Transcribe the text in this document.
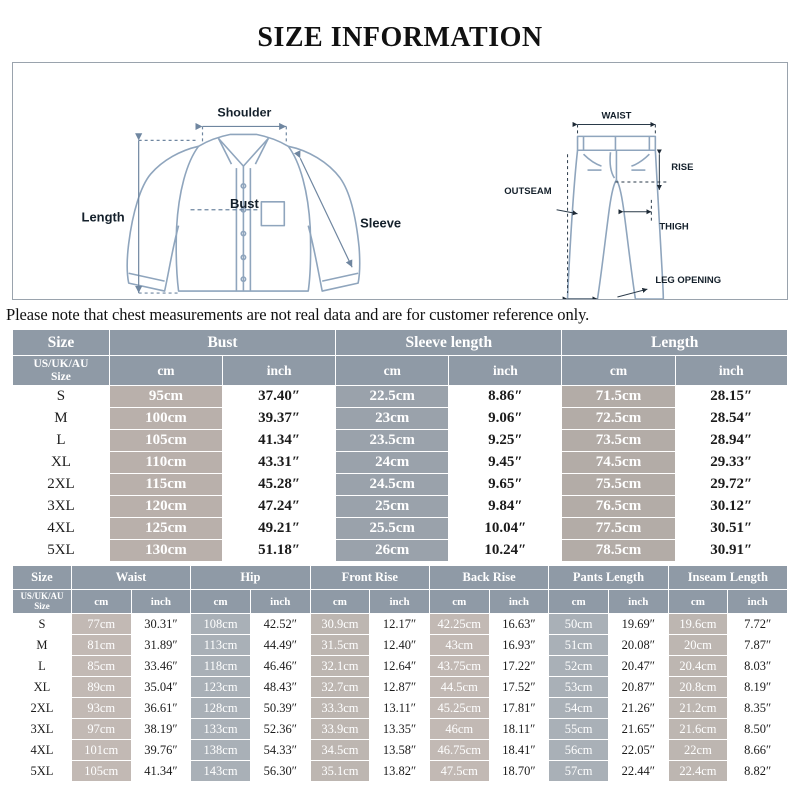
SIZE INFORMATION
Shoulder
Bust
Length	Sleeve
WAIST
RISE
OUTSEAM
THIGH
LEG OPENING
Please note that chest measurements are not real data and are for customer reference only.
Size	Bust		Sleeve length		Length	
US/UK/AU
Size	cm	inch	cm	inch	cm	inch
S	95cm	37.40″	22.5cm	8.86″	71.5cm	28.15″
M	100cm	39.37″	23cm	9.06″	72.5cm	28.54″
L	105cm	41.34″	23.5cm	9.25″	73.5cm	28.94″
XL	110cm	43.31″	24cm	9.45″	74.5cm	29.33″
2XL	115cm	45.28″	24.5cm	9.65″	75.5cm	29.72″
3XL	120cm	47.24″	25cm	9.84″	76.5cm	30.12″
4XL	125cm	49.21″	25.5cm	10.04″	77.5cm	30.51″
5XL	130cm	51.18″	26cm	10.24″	78.5cm	30.91″
Size	Waist		Hip		Front Rise		Back Rise		Pants Length		Inseam Length	
US/UK/AU
Size	cm	inch	cm	inch	cm	inch	cm	inch	cm	inch	cm	inch
S	77cm	30.31″	108cm	42.52″	30.9cm	12.17″	42.25cm	16.63″	50cm	19.69″	19.6cm	7.72″
M	81cm	31.89″	113cm	44.49″	31.5cm	12.40″	43cm	16.93″	51cm	20.08″	20cm	7.87″
L	85cm	33.46″	118cm	46.46″	32.1cm	12.64″	43.75cm	17.22″	52cm	20.47″	20.4cm	8.03″
XL	89cm	35.04″	123cm	48.43″	32.7cm	12.87″	44.5cm	17.52″	53cm	20.87″	20.8cm	8.19″
2XL	93cm	36.61″	128cm	50.39″	33.3cm	13.11″	45.25cm	17.81″	54cm	21.26″	21.2cm	8.35″
3XL	97cm	38.19″	133cm	52.36″	33.9cm	13.35″	46cm	18.11″	55cm	21.65″	21.6cm	8.50″
4XL	101cm	39.76″	138cm	54.33″	34.5cm	13.58″	46.75cm	18.41″	56cm	22.05″	22cm	8.66″
5XL	105cm	41.34″	143cm	56.30″	35.1cm	13.82″	47.5cm	18.70″	57cm	22.44″	22.4cm	8.82″
